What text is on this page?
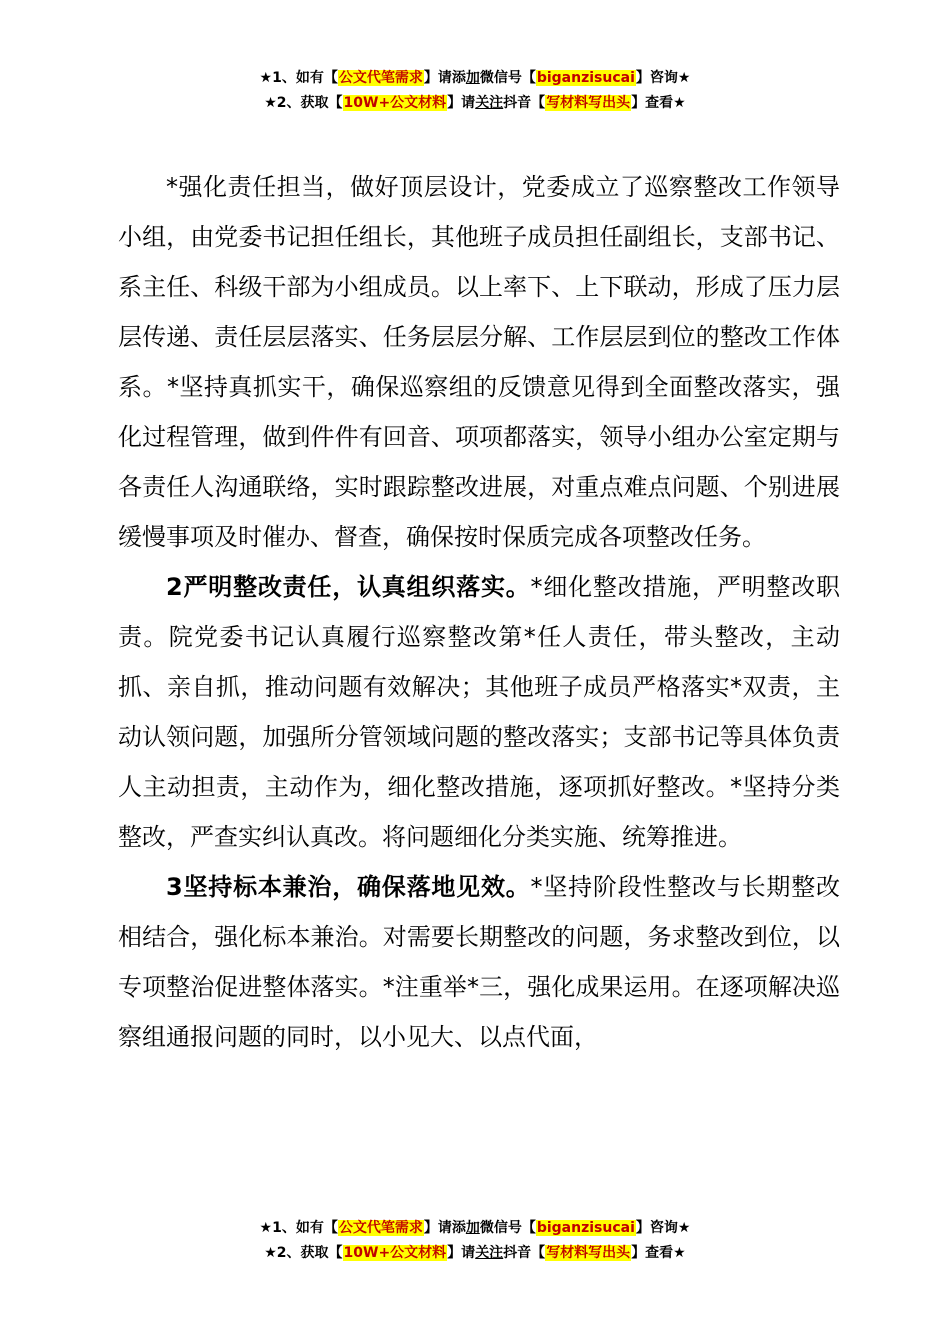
★1、如有【公文代笔需求】请添加微信号【biganzisucai】咨询★
★2、获取【10W+公文材料】请关注抖音【写材料写出头】查看★

*强化责任担当，做好顶层设计，党委成立了巡察整改工作领导小组，由党委书记担任组长，其他班子成员担任副组长，支部书记、系主任、科级干部为小组成员。以上率下、上下联动，形成了压力层层传递、责任层层落实、任务层层分解、工作层层到位的整改工作体系。*坚持真抓实干，确保巡察组的反馈意见得到全面整改落实，强化过程管理，做到件件有回音、项项都落实，领导小组办公室定期与各责任人沟通联络，实时跟踪整改进展，对重点难点问题、个别进展缓慢事项及时催办、督查，确保按时保质完成各项整改任务。

2严明整改责任，认真组织落实。*细化整改措施，严明整改职责。院党委书记认真履行巡察整改第*任人责任，带头整改，主动抓、亲自抓，推动问题有效解决；其他班子成员严格落实*双责，主动认领问题，加强所分管领域问题的整改落实；支部书记等具体负责人主动担责，主动作为，细化整改措施，逐项抓好整改。*坚持分类整改，严查实纠认真改。将问题细化分类实施、统筹推进。

3坚持标本兼治，确保落地见效。*坚持阶段性整改与长期整改相结合，强化标本兼治。对需要长期整改的问题，务求整改到位，以专项整治促进整体落实。*注重举*三，强化成果运用。在逐项解决巡察组通报问题的同时，以小见大、以点代面，

★1、如有【公文代笔需求】请添加微信号【biganzisucai】咨询★
★2、获取【10W+公文材料】请关注抖音【写材料写出头】查看★
